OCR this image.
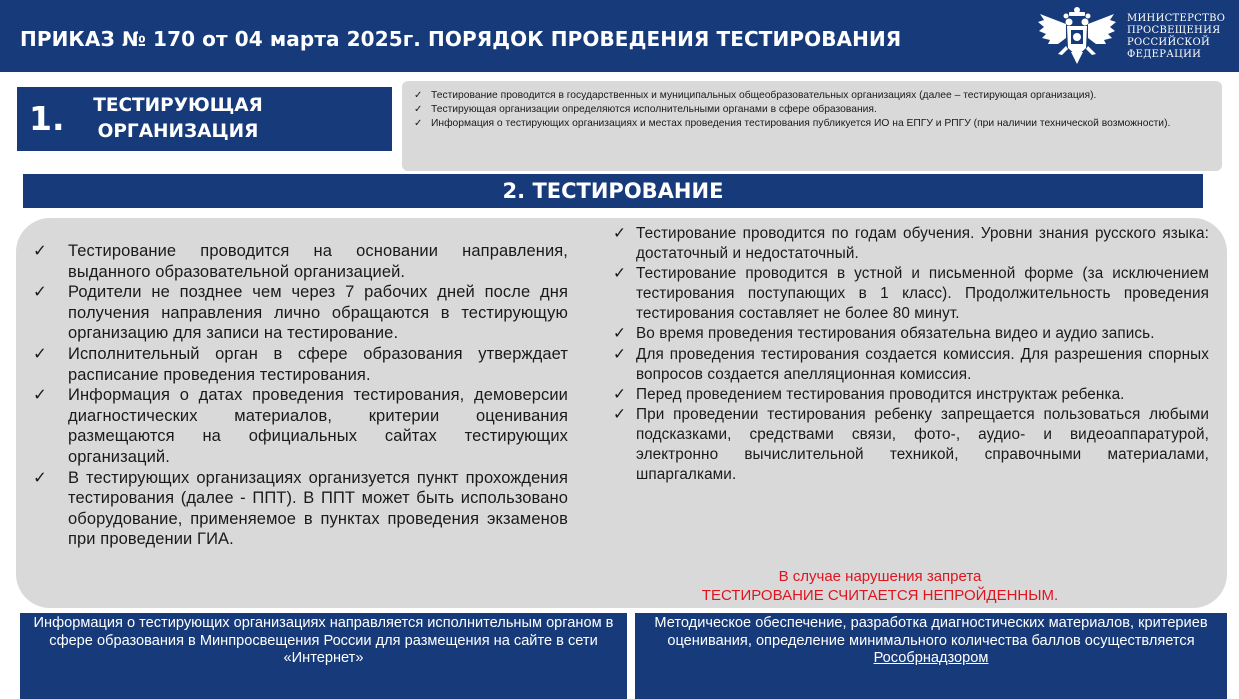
ПРИКАЗ № 170 от 04 марта 2025г. ПОРЯДОК ПРОВЕДЕНИЯ ТЕСТИРОВАНИЯ
МИНИСТЕРСТВО
ПРОСВЕЩЕНИЯ
РОССИЙСКОЙ
ФЕДЕРАЦИИ
1. ТЕСТИРУЮЩАЯ ОРГАНИЗАЦИЯ
✓ Тестирование проводится в государственных и муниципальных общеобразовательных организациях (далее – тестирующая организация).
✓ Тестирующая организации определяются исполнительными органами в сфере образования.
✓ Информация о тестирующих организациях и местах проведения тестирования публикуется ИО на ЕПГУ и РПГУ (при наличии технической возможности).
2. ТЕСТИРОВАНИЕ
✓ Тестирование проводится на основании направления, выданного образовательной организацией.
✓ Родители не позднее чем через 7 рабочих дней после дня получения направления лично обращаются в тестирующую организацию для записи на тестирование.
✓ Исполнительный орган в сфере образования утверждает расписание проведения тестирования.
✓ Информация о датах проведения тестирования, демоверсии диагностических материалов, критерии оценивания размещаются на официальных сайтах тестирующих организаций.
✓ В тестирующих организациях организуется пункт прохождения тестирования (далее - ППТ). В ППТ может быть использовано оборудование, применяемое в пунктах проведения экзаменов при проведении ГИА.
✓ Тестирование проводится по годам обучения. Уровни знания русского языка: достаточный и недостаточный.
✓ Тестирование проводится в устной и письменной форме (за исключением тестирования поступающих в 1 класс). Продолжительность проведения тестирования составляет не более 80 минут.
✓ Во время проведения тестирования обязательна видео и аудио запись.
✓ Для проведения тестирования создается комиссия. Для разрешения спорных вопросов создается апелляционная комиссия.
✓ Перед проведением тестирования проводится инструктаж ребенка.
✓ При проведении тестирования ребенку запрещается пользоваться любыми подсказками, средствами связи, фото-, аудио- и видеоаппаратурой, электронно вычислительной техникой, справочными материалами, шпаргалками.
В случае нарушения запрета
ТЕСТИРОВАНИЕ СЧИТАЕТСЯ НЕПРОЙДЕННЫМ.
Информация о тестирующих организациях направляется исполнительным органом в сфере образования в Минпросвещения России для размещения на сайте в сети «Интернет»
Методическое обеспечение, разработка диагностических материалов, критериев оценивания, определение минимального количества баллов осуществляется Рособрнадзором
